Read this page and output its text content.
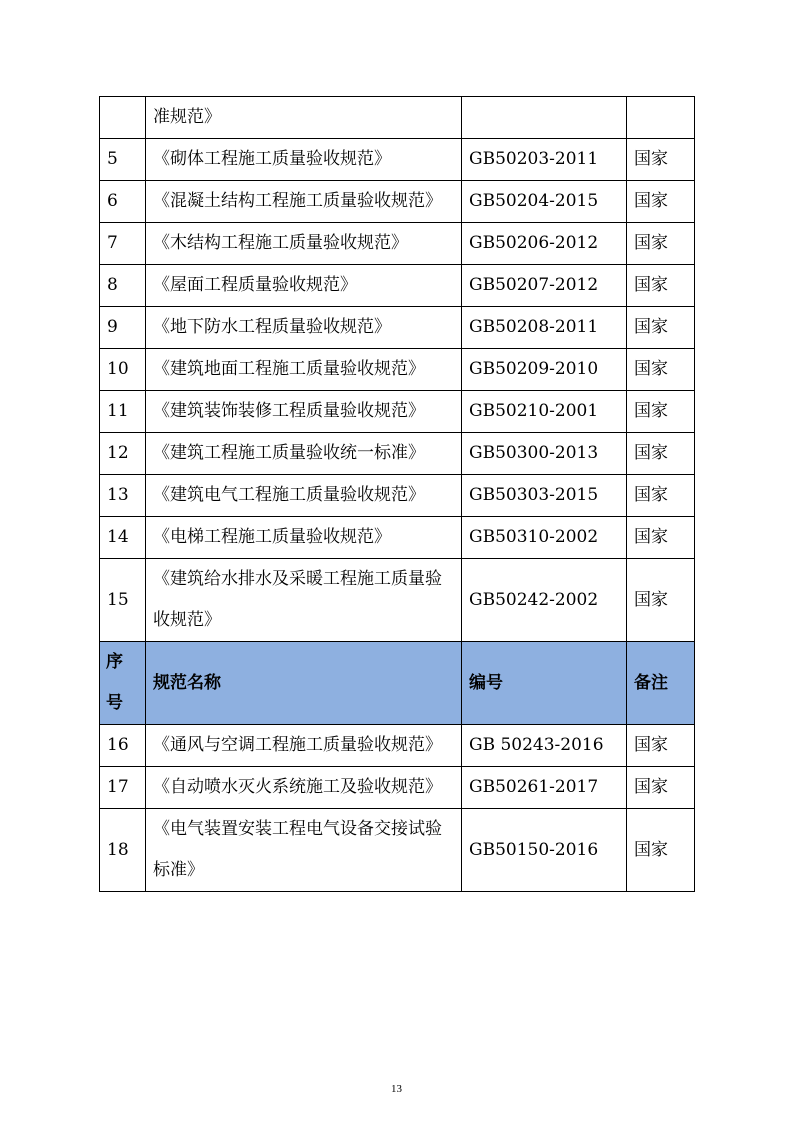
	准规范》		
5	《砌体工程施工质量验收规范》	GB50203-2011	国家
6	《混凝土结构工程施工质量验收规范》	GB50204-2015	国家
7	《木结构工程施工质量验收规范》	GB50206-2012	国家
8	《屋面工程质量验收规范》	GB50207-2012	国家
9	《地下防水工程质量验收规范》	GB50208-2011	国家
10	《建筑地面工程施工质量验收规范》	GB50209-2010	国家
11	《建筑装饰装修工程质量验收规范》	GB50210-2001	国家
12	《建筑工程施工质量验收统一标准》	GB50300-2013	国家
13	《建筑电气工程施工质量验收规范》	GB50303-2015	国家
14	《电梯工程施工质量验收规范》	GB50310-2002	国家
15	《建筑给水排水及采暖工程施工质量验收规范》	GB50242-2002	国家
序号	规范名称	编号	备注
16	《通风与空调工程施工质量验收规范》	GB 50243-2016	国家
17	《自动喷水灭火系统施工及验收规范》	GB50261-2017	国家
18	《电气装置安装工程电气设备交接试验标准》	GB50150-2016	国家
13
